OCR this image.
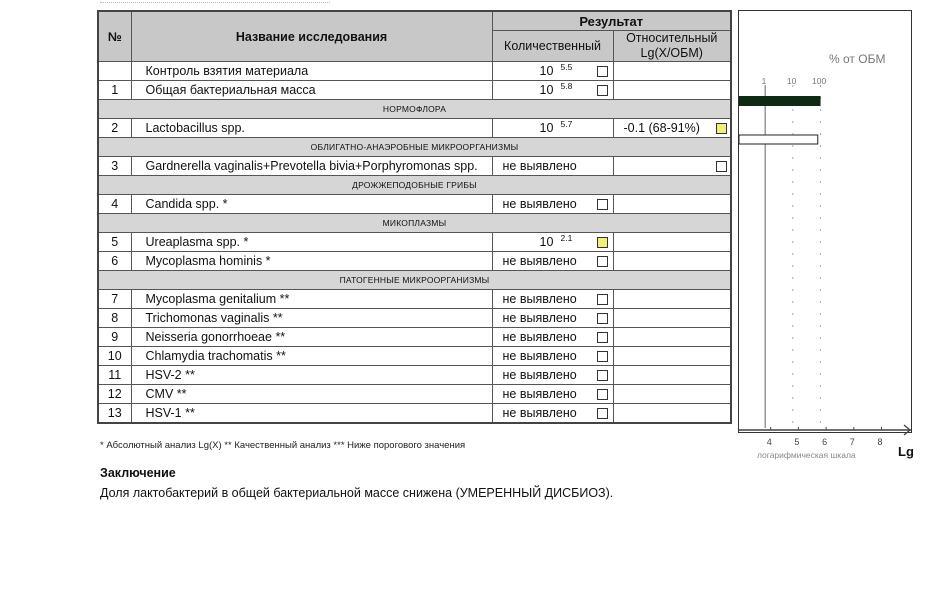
№	Название исследования	Результат	
		Количественный	Относительный
Lg(X/ОБМ)

	Контроль взятия материала	10 5.5	

1	Общая бактериальная масса	10 5.8	

НОРМОФЛОРА			
2	Lactobacillus spp.	10 5.7	-0.1 (68-91%)

ОБЛИГАТНО-АНАЭРОБНЫЕ МИКРООРГАНИЗМЫ			
3	Gardnerella vaginalis+Prevotella bivia+Porphyromonas spp.	не выявлено	

ДРОЖЖЕПОДОБНЫЕ ГРИБЫ			
4	Candida spp. *	не выявлено	

МИКОПЛАЗМЫ			
5	Ureaplasma spp. *	10 2.1	

6	Mycoplasma hominis *	не выявлено	

ПАТОГЕННЫЕ МИКРООРГАНИЗМЫ			
7	Mycoplasma genitalium **	не выявлено	

8	Trichomonas vaginalis **	не выявлено	

9	Neisseria gonorrhoeae **	не выявлено	

10	Chlamydia trachomatis **	не выявлено	

11	HSV-2 **	не выявлено	

12	CMV **	не выявлено	

13	HSV-1 **	не выявлено	

% от ОБМ
1 10 100
4	5	6	7	8
логарифмическая шкала	Lg
* Абсолютный анализ Lg(X) ** Качественный анализ *** Ниже порогового значения
Заключение
Доля лактобактерий в общей бактериальной массе снижена (УМЕРЕННЫЙ ДИСБИОЗ).
